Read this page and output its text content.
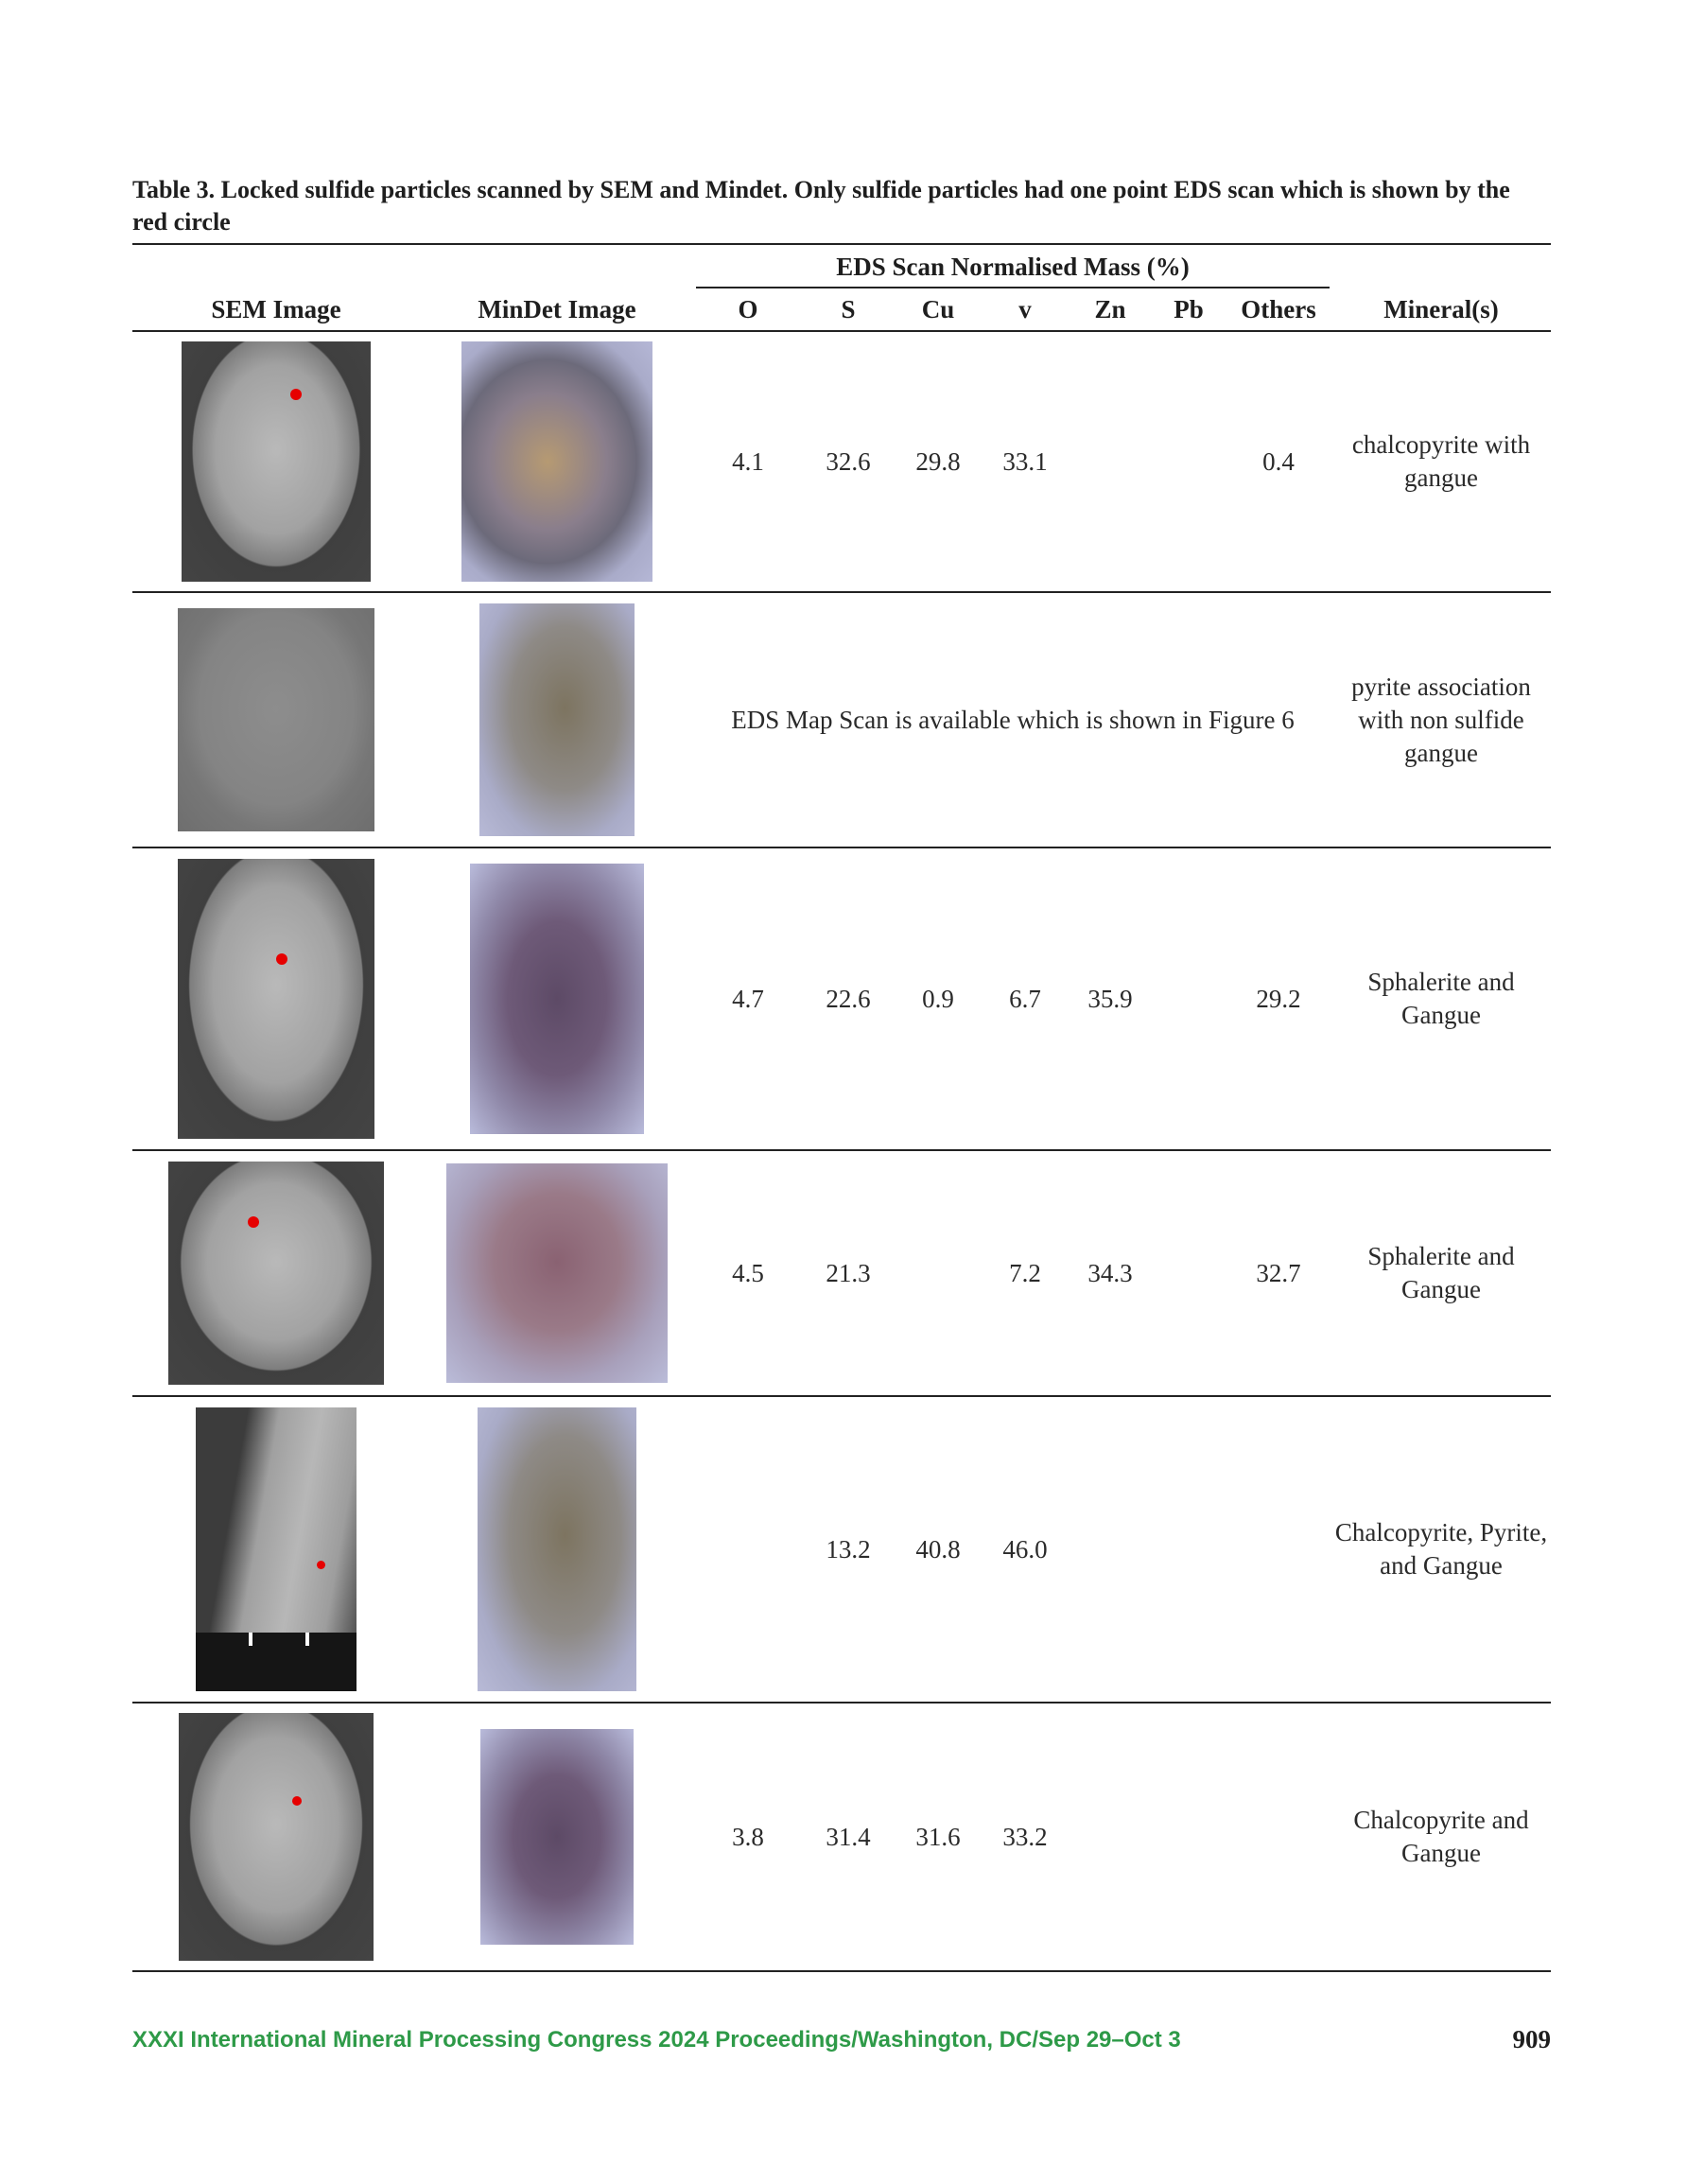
Table 3. Locked sulfide particles scanned by SEM and Mindet. Only sulfide particles had one point EDS scan which is shown by the red circle
SEM Image	MinDet Image	EDS Scan Normalised Mass (%)							Mineral(s)
		O	S	Cu	v	Zn	Pb	Others	

		4.1	32.6	29.8	33.1			0.4	chalcopyrite with gangue
		EDS Map Scan is available which is shown in Figure 6							pyrite association with non sulfide gangue

		4.7	22.6	0.9	6.7	35.9		29.2	Sphalerite and Gangue

		4.5	21.3		7.2	34.3		32.7	Sphalerite and Gangue

			13.2	40.8	46.0				Chalcopyrite, Pyrite, and Gangue

		3.8	31.4	31.6	33.2				Chalcopyrite and Gangue
XXXI International Mineral Processing Congress 2024 Proceedings/Washington, DC/Sep 29–Oct 3	909
